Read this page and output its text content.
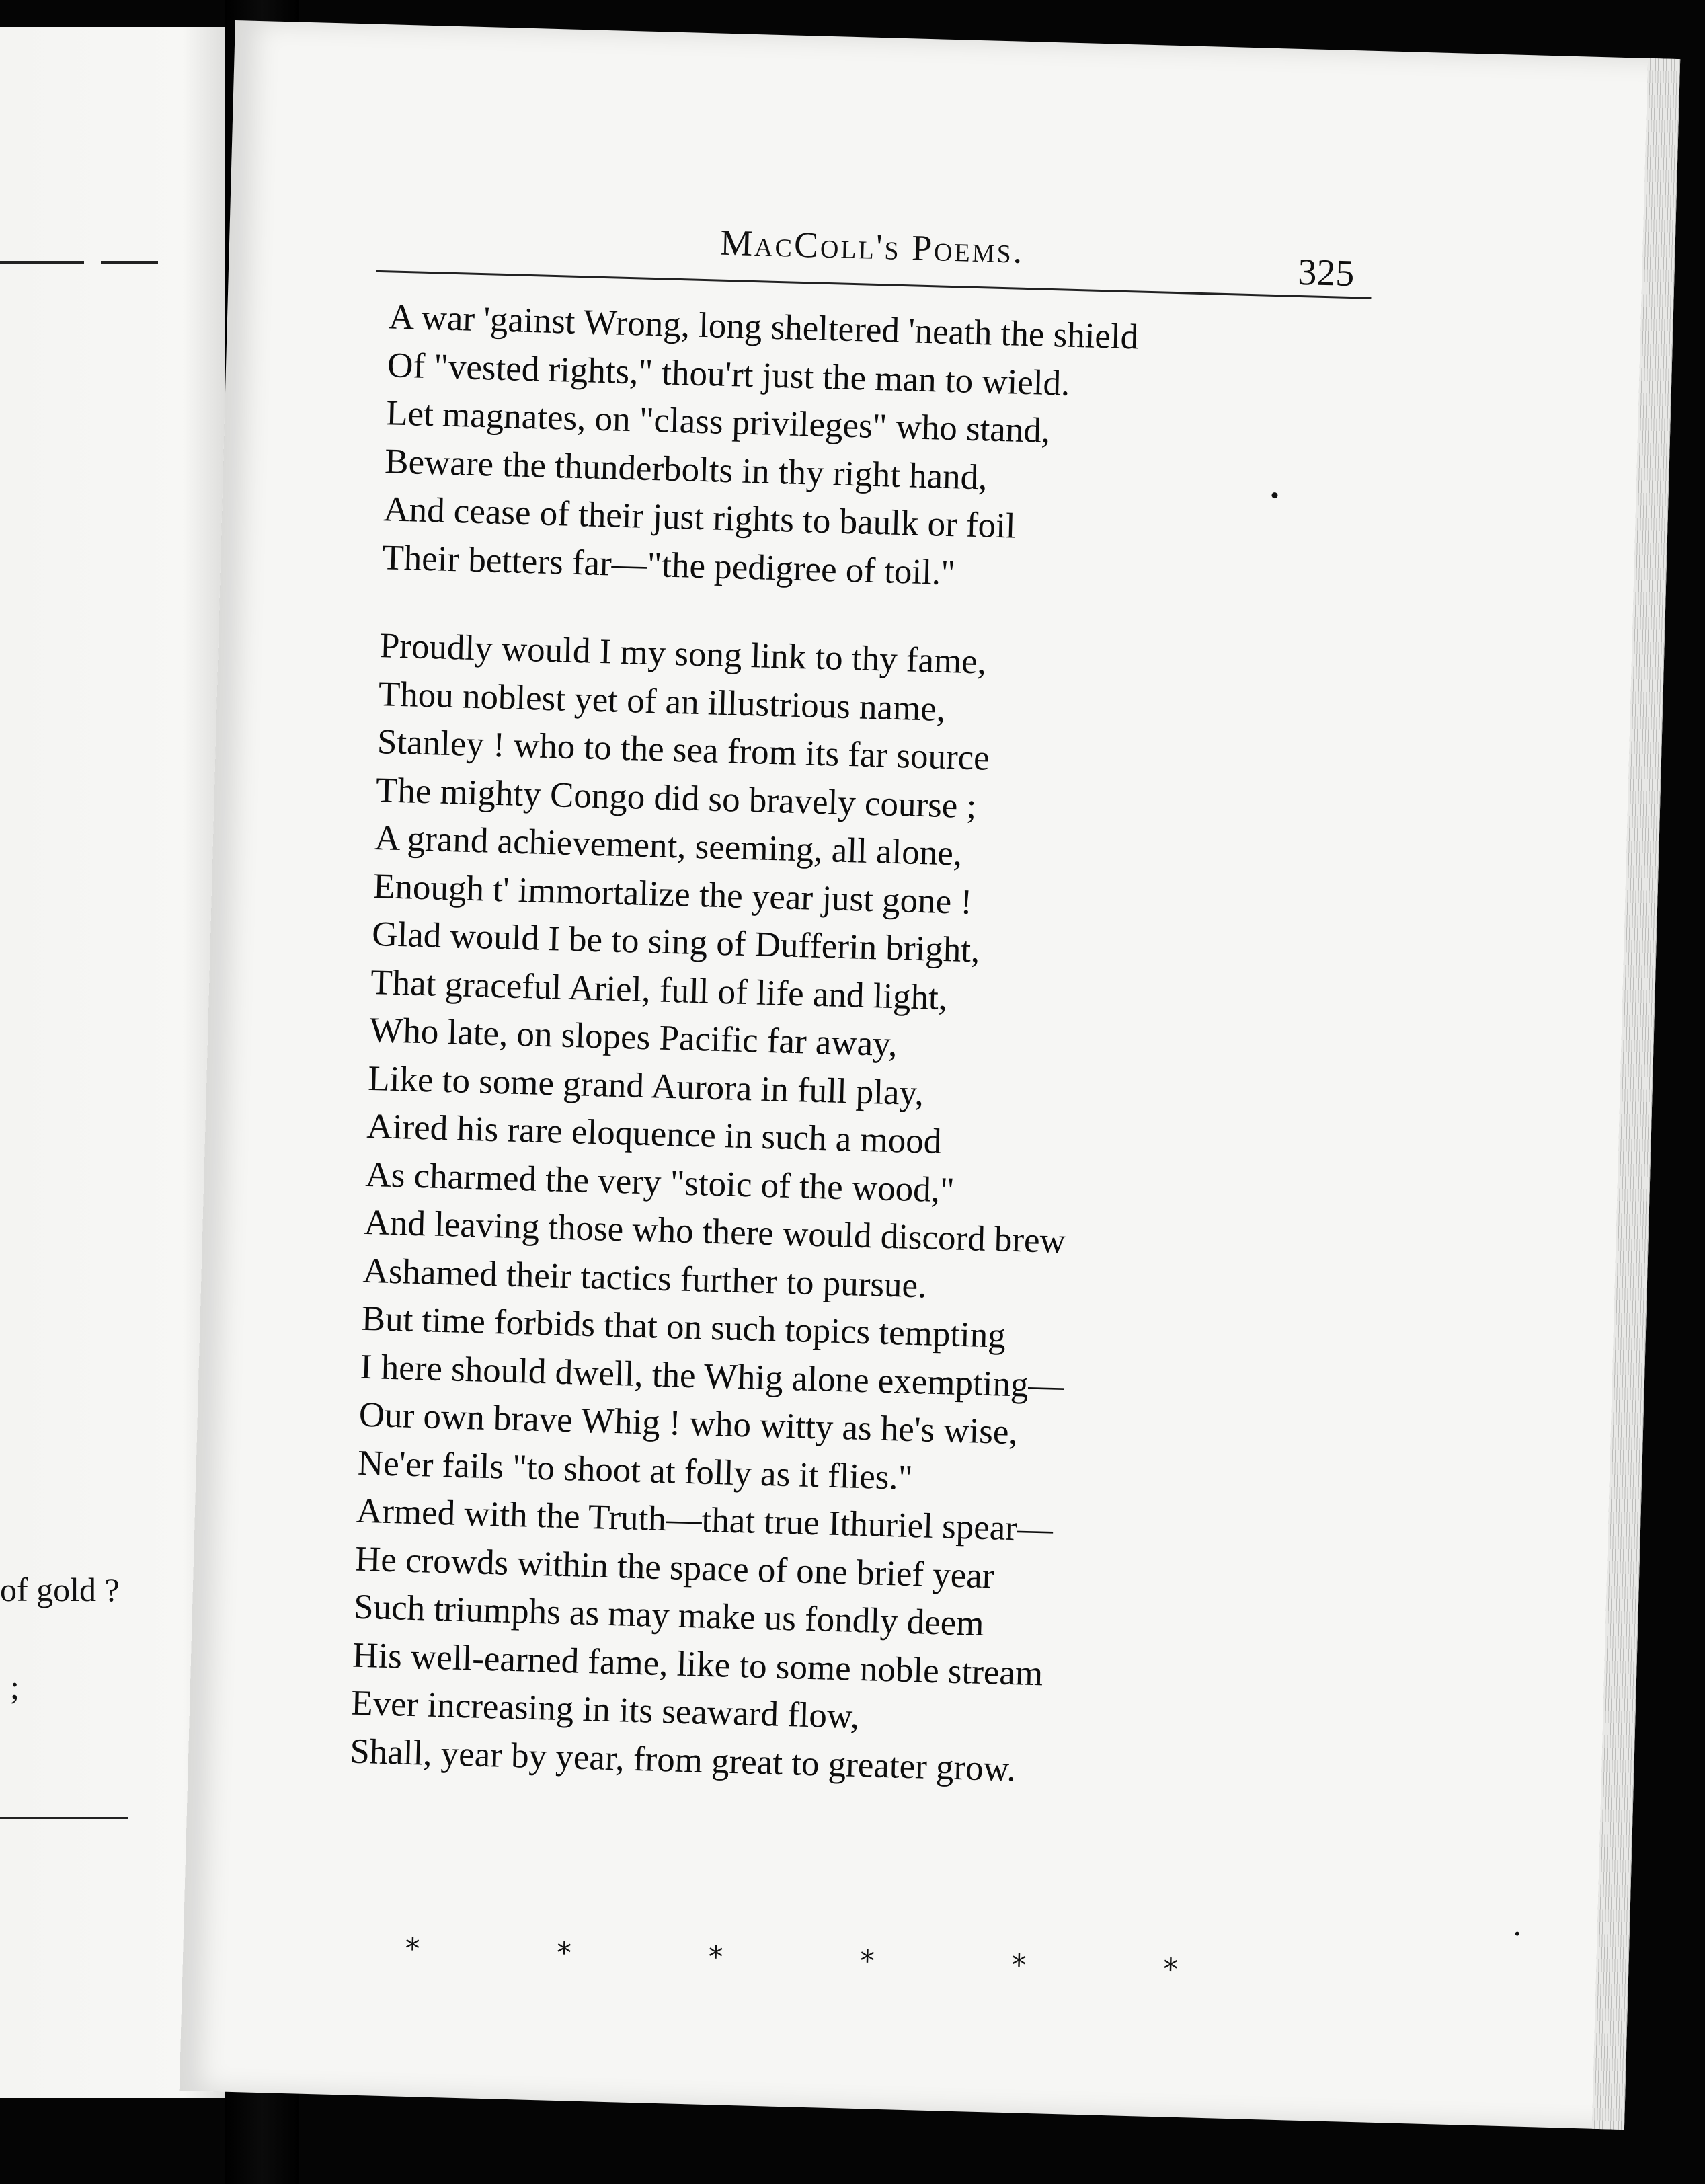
of gold ?
;
MacColl's Poems.
325
A war 'gainst Wrong, long sheltered 'neath the shield
Of "vested rights," thou'rt just the man to wield.
Let magnates, on "class privileges" who stand,
Beware the thunderbolts in thy right hand,
And cease of their just rights to baulk or foil
Their betters far—"the pedigree of toil."
Proudly would I my song link to thy fame,
Thou noblest yet of an illustrious name,
Stanley ! who to the sea from its far source
The mighty Congo did so bravely course ;
A grand achievement, seeming, all alone,
Enough t' immortalize the year just gone !
Glad would I be to sing of Dufferin bright,
That graceful Ariel, full of life and light,
Who late, on slopes Pacific far away,
Like to some grand Aurora in full play,
Aired his rare eloquence in such a mood
As charmed the very "stoic of the wood,"
And leaving those who there would discord brew
Ashamed their tactics further to pursue.
But time forbids that on such topics tempting
I here should dwell, the Whig alone exempting—
Our own brave Whig ! who witty as he's wise,
Ne'er fails "to shoot at folly as it flies."
Armed with the Truth—that true Ithuriel spear—
He crowds within the space of one brief year
Such triumphs as may make us fondly deem
His well-earned fame, like to some noble stream
Ever increasing in its seaward flow,
Shall, year by year, from great to greater grow.
*	*	*	*	*	*
